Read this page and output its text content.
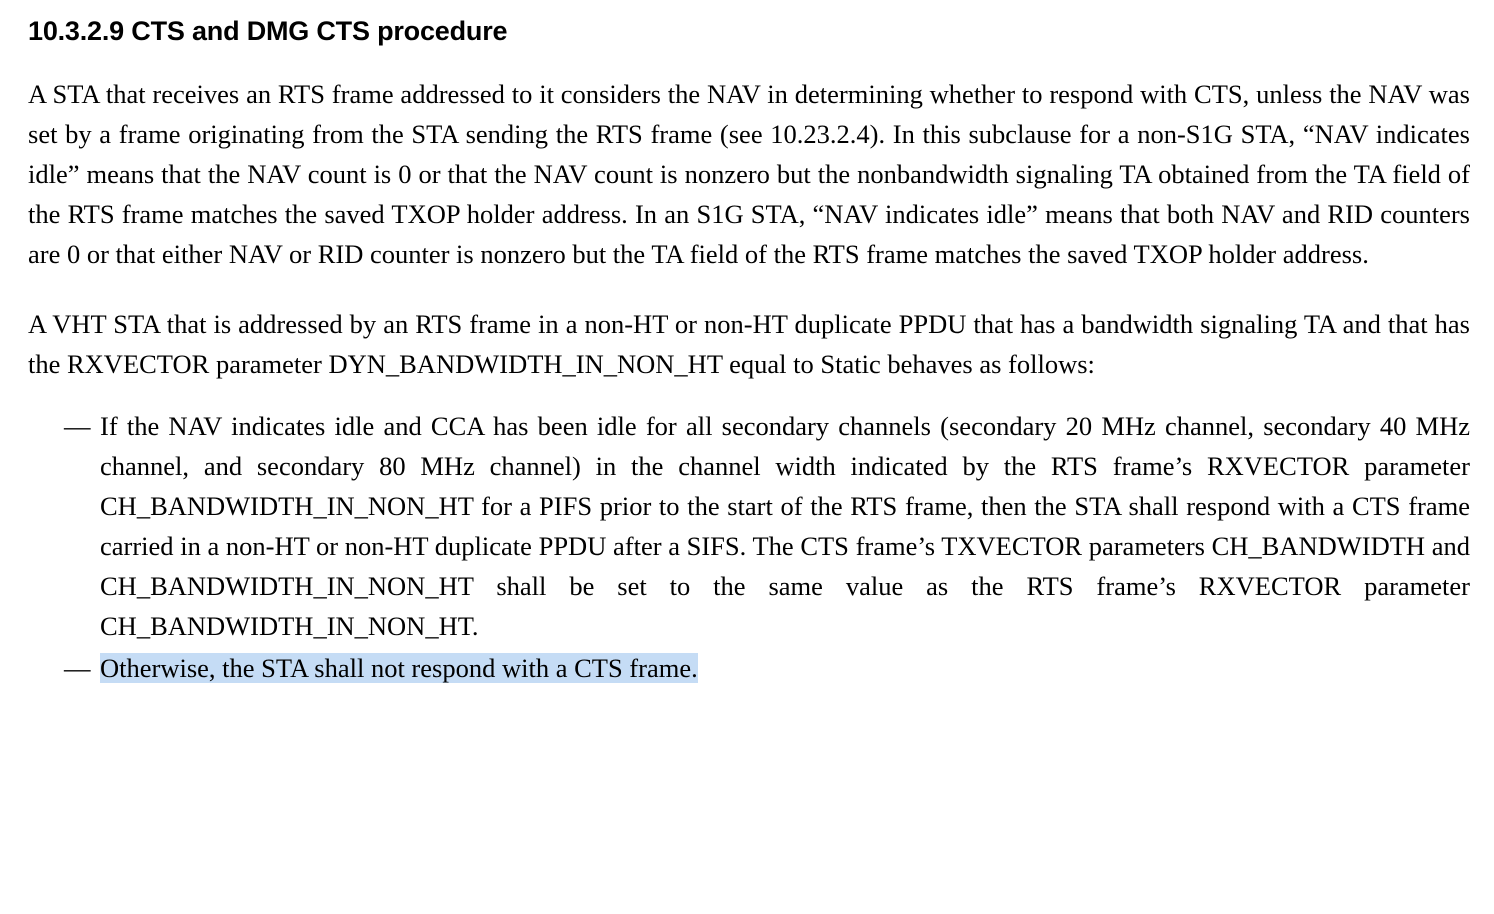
10.3.2.9 CTS and DMG CTS procedure

A STA that receives an RTS frame addressed to it considers the NAV in determining whether to respond with CTS, unless the NAV was set by a frame originating from the STA sending the RTS frame (see 10.23.2.4). In this subclause for a non-S1G STA, “NAV indicates idle” means that the NAV count is 0 or that the NAV count is nonzero but the nonbandwidth signaling TA obtained from the TA field of the RTS frame matches the saved TXOP holder address. In an S1G STA, “NAV indicates idle” means that both NAV and RID counters are 0 or that either NAV or RID counter is nonzero but the TA field of the RTS frame matches the saved TXOP holder address.

A VHT STA that is addressed by an RTS frame in a non-HT or non-HT duplicate PPDU that has a bandwidth signaling TA and that has the RXVECTOR parameter DYN_BANDWIDTH_IN_NON_HT equal to Static behaves as follows:

— If the NAV indicates idle and CCA has been idle for all secondary channels (secondary 20 MHz channel, secondary 40 MHz channel, and secondary 80 MHz channel) in the channel width indicated by the RTS frame’s RXVECTOR parameter CH_BANDWIDTH_IN_NON_HT for a PIFS prior to the start of the RTS frame, then the STA shall respond with a CTS frame carried in a non-HT or non-HT duplicate PPDU after a SIFS. The CTS frame’s TXVECTOR parameters CH_BANDWIDTH and CH_BANDWIDTH_IN_NON_HT shall be set to the same value as the RTS frame’s RXVECTOR parameter CH_BANDWIDTH_IN_NON_HT.
— Otherwise, the STA shall not respond with a CTS frame.
